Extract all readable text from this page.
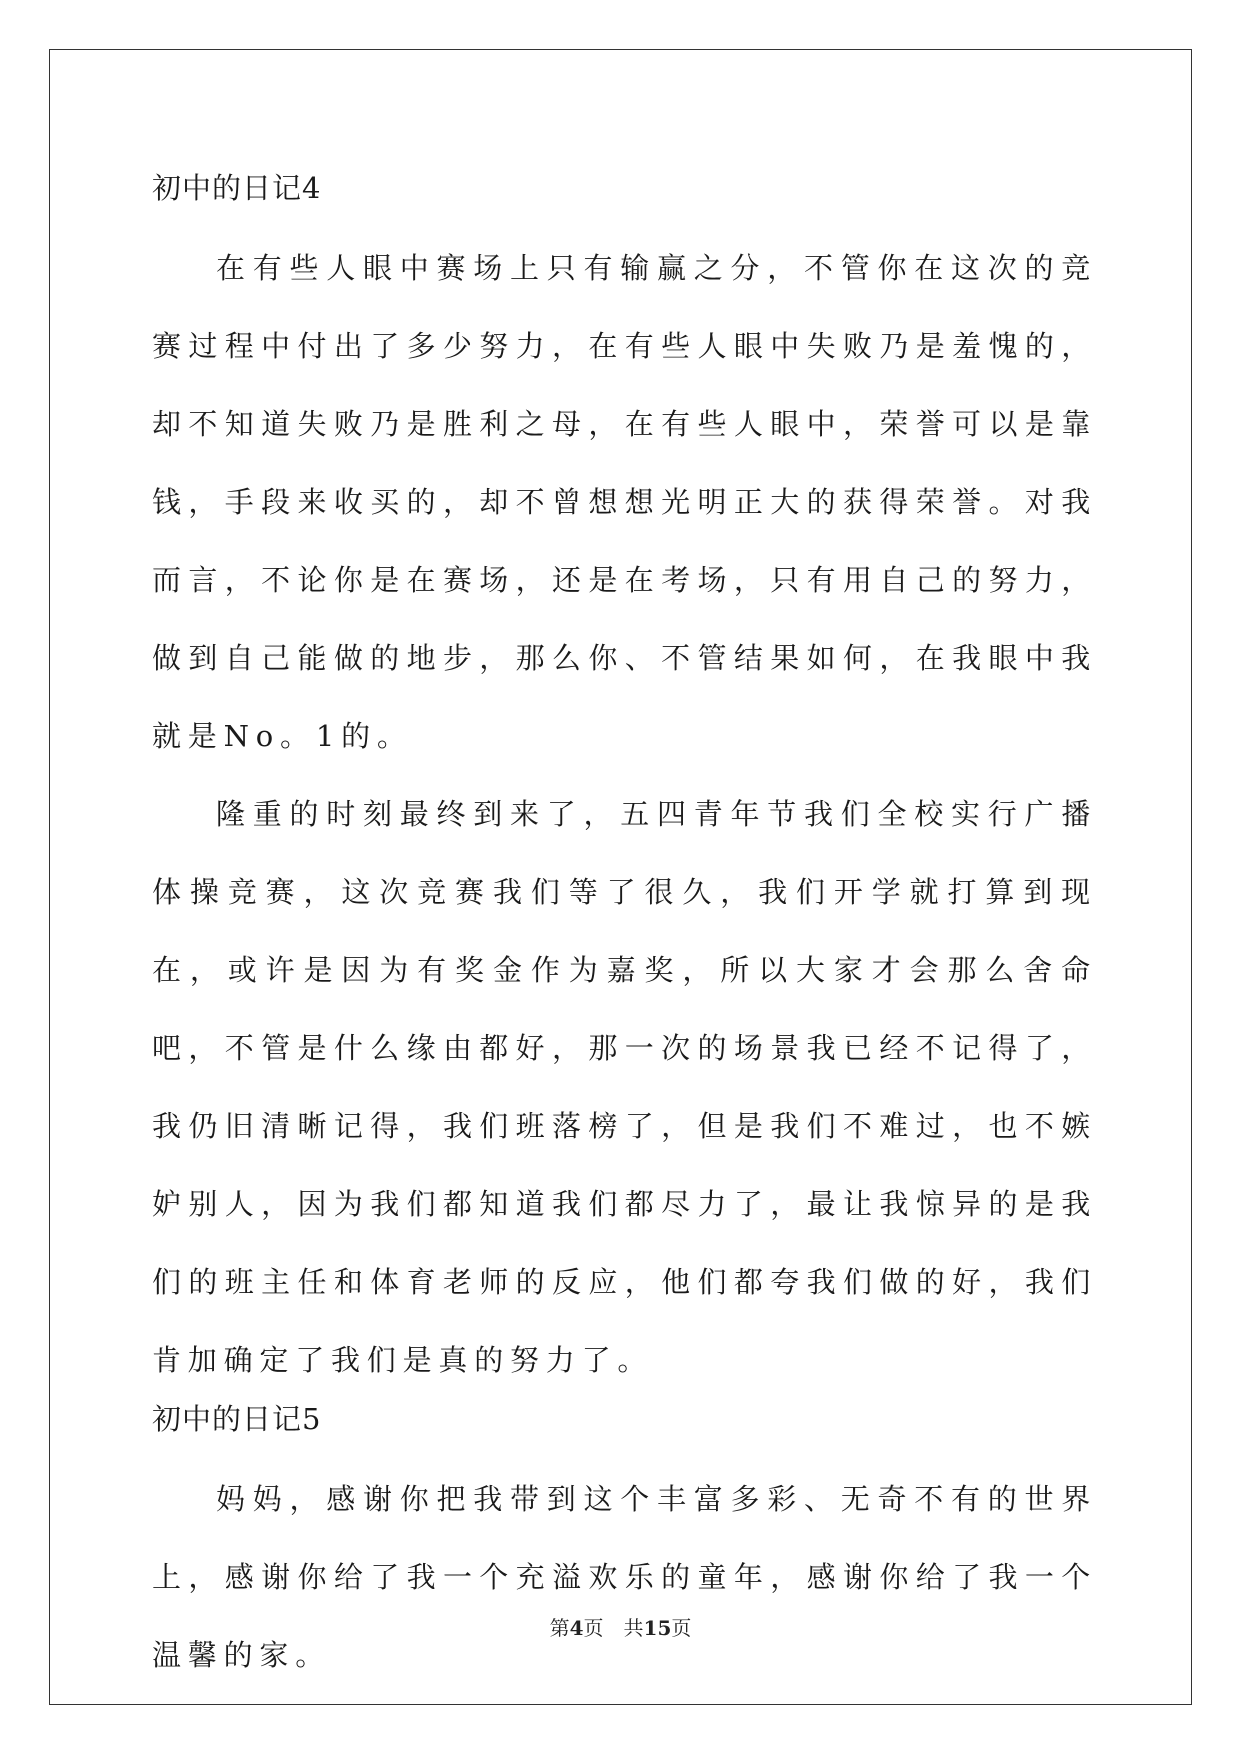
初中的日记4

在有些人眼中赛场上只有输赢之分，不管你在这次的竞赛过程中付出了多少努力，在有些人眼中失败乃是羞愧的，却不知道失败乃是胜利之母，在有些人眼中，荣誉可以是靠钱，手段来收买的，却不曾想想光明正大的获得荣誉。对我而言，不论你是在赛场，还是在考场，只有用自己的努力，做到自己能做的地步，那么你、不管结果如何，在我眼中我就是No。1的。

隆重的时刻最终到来了，五四青年节我们全校实行广播体操竞赛，这次竞赛我们等了很久，我们开学就打算到现在，或许是因为有奖金作为嘉奖，所以大家才会那么舍命吧，不管是什么缘由都好，那一次的场景我已经不记得了，我仍旧清晰记得，我们班落榜了，但是我们不难过，也不嫉妒别人，因为我们都知道我们都尽力了，最让我惊异的是我们的班主任和体育老师的反应，他们都夸我们做的好，我们肯加确定了我们是真的努力了。

初中的日记5

妈妈，感谢你把我带到这个丰富多彩、无奇不有的世界上，感谢你给了我一个充溢欢乐的童年，感谢你给了我一个温馨的家。

第4页 共15页
